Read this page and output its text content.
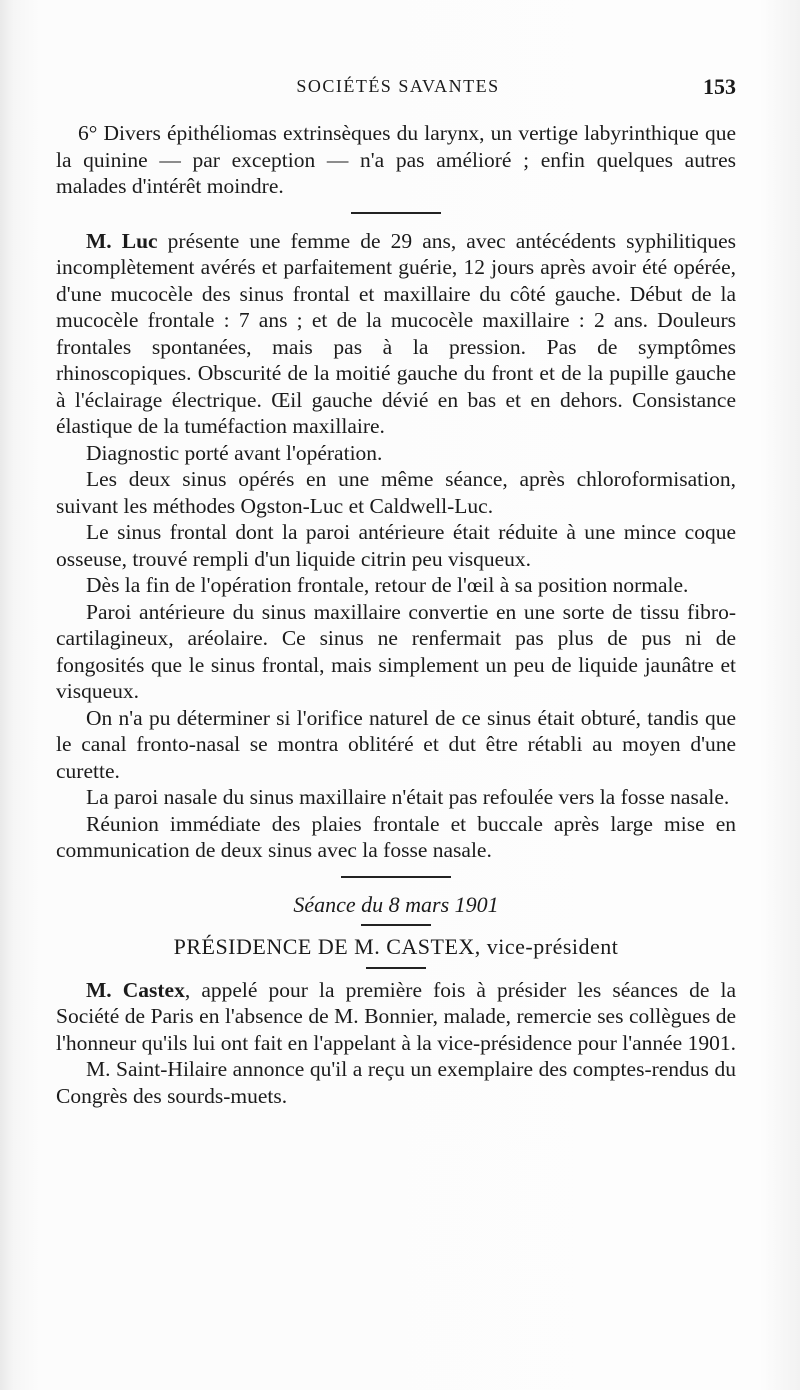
SOCIÉTÉS SAVANTES	153

6° Divers épithéliomas extrinsèques du larynx, un vertige labyrinthique que la quinine — par exception — n'a pas amélioré ; enfin quelques autres malades d'intérêt moindre.

M. Luc présente une femme de 29 ans, avec antécédents syphilitiques incomplètement avérés et parfaitement guérie, 12 jours après avoir été opérée, d'une mucocèle des sinus frontal et maxillaire du côté gauche. Début de la mucocèle frontale : 7 ans ; et de la mucocèle maxillaire : 2 ans. Douleurs frontales spontanées, mais pas à la pression. Pas de symptômes rhinoscopiques. Obscurité de la moitié gauche du front et de la pupille gauche à l'éclairage électrique. Œil gauche dévié en bas et en dehors. Consistance élastique de la tuméfaction maxillaire.

Diagnostic porté avant l'opération.

Les deux sinus opérés en une même séance, après chloroformisation, suivant les méthodes Ogston-Luc et Caldwell-Luc.

Le sinus frontal dont la paroi antérieure était réduite à une mince coque osseuse, trouvé rempli d'un liquide citrin peu visqueux.

Dès la fin de l'opération frontale, retour de l'œil à sa position normale.

Paroi antérieure du sinus maxillaire convertie en une sorte de tissu fibro-cartilagineux, aréolaire. Ce sinus ne renfermait pas plus de pus ni de fongosités que le sinus frontal, mais simplement un peu de liquide jaunâtre et visqueux.

On n'a pu déterminer si l'orifice naturel de ce sinus était obturé, tandis que le canal fronto-nasal se montra oblitéré et dut être rétabli au moyen d'une curette.

La paroi nasale du sinus maxillaire n'était pas refoulée vers la fosse nasale.

Réunion immédiate des plaies frontale et buccale après large mise en communication de deux sinus avec la fosse nasale.

Séance du 8 mars 1901
PRÉSIDENCE DE M. CASTEX, vice-président

M. Castex, appelé pour la première fois à présider les séances de la Société de Paris en l'absence de M. Bonnier, malade, remercie ses collègues de l'honneur qu'ils lui ont fait en l'appelant à la vice-présidence pour l'année 1901.

M. Saint-Hilaire annonce qu'il a reçu un exemplaire des comptes-rendus du Congrès des sourds-muets.
